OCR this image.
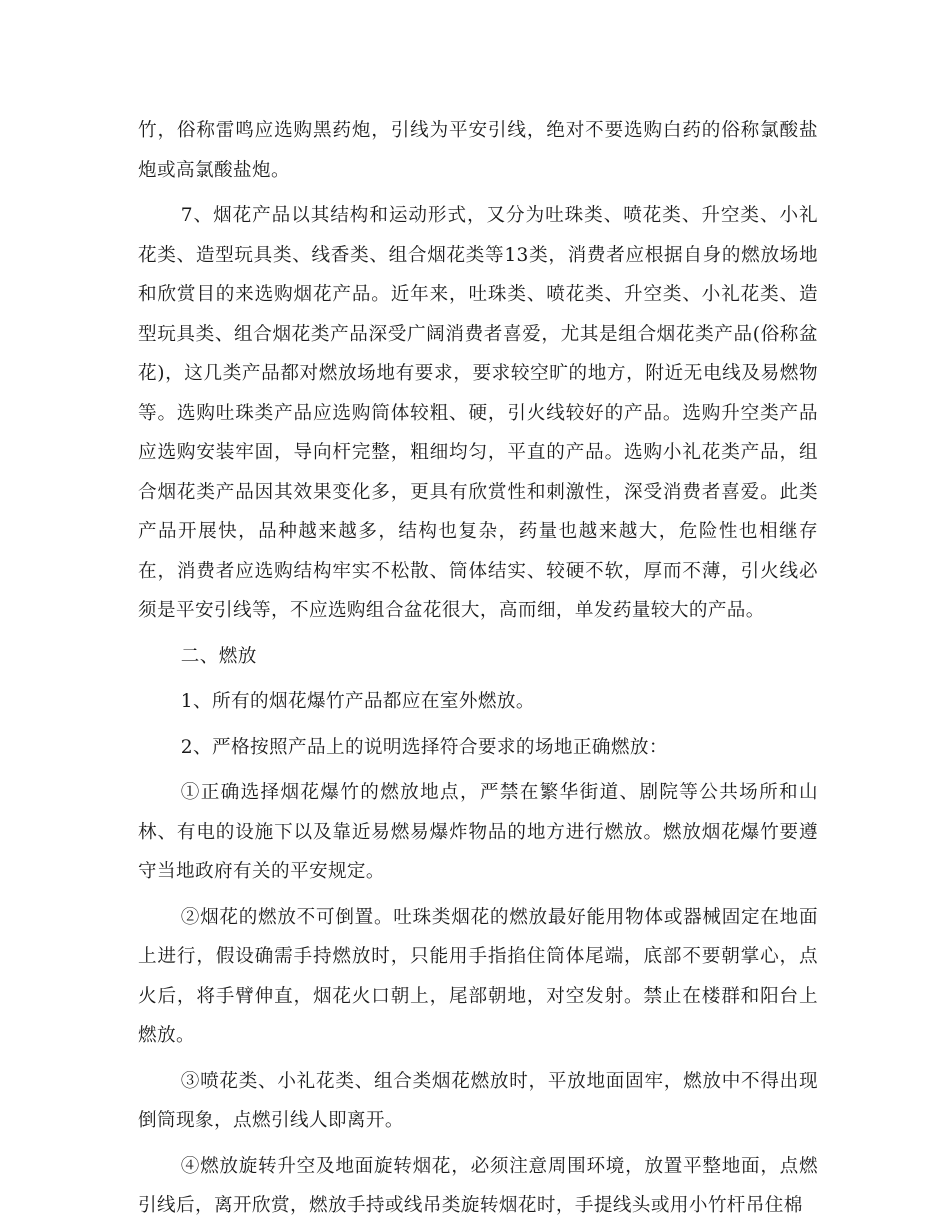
竹，俗称雷鸣应选购黑药炮，引线为平安引线，绝对不要选购白药的俗称氯酸盐炮或高氯酸盐炮。

7、烟花产品以其结构和运动形式，又分为吐珠类、喷花类、升空类、小礼花类、造型玩具类、线香类、组合烟花类等13类，消费者应根据自身的燃放场地和欣赏目的来选购烟花产品。近年来，吐珠类、喷花类、升空类、小礼花类、造型玩具类、组合烟花类产品深受广阔消费者喜爱，尤其是组合烟花类产品(俗称盆花)，这几类产品都对燃放场地有要求，要求较空旷的地方，附近无电线及易燃物等。选购吐珠类产品应选购筒体较粗、硬，引火线较好的产品。选购升空类产品应选购安装牢固，导向杆完整，粗细均匀，平直的产品。选购小礼花类产品，组合烟花类产品因其效果变化多，更具有欣赏性和刺激性，深受消费者喜爱。此类产品开展快，品种越来越多，结构也复杂，药量也越来越大，危险性也相继存在，消费者应选购结构牢实不松散、筒体结实、较硬不软，厚而不薄，引火线必须是平安引线等，不应选购组合盆花很大，高而细，单发药量较大的产品。

二、燃放

1、所有的烟花爆竹产品都应在室外燃放。

2、严格按照产品上的说明选择符合要求的场地正确燃放：

①正确选择烟花爆竹的燃放地点，严禁在繁华街道、剧院等公共场所和山林、有电的设施下以及靠近易燃易爆炸物品的地方进行燃放。燃放烟花爆竹要遵守当地政府有关的平安规定。

②烟花的燃放不可倒置。吐珠类烟花的燃放最好能用物体或器械固定在地面上进行，假设确需手持燃放时，只能用手指掐住筒体尾端，底部不要朝掌心，点火后，将手臂伸直，烟花火口朝上，尾部朝地，对空发射。禁止在楼群和阳台上燃放。

③喷花类、小礼花类、组合类烟花燃放时，平放地面固牢，燃放中不得出现倒筒现象，点燃引线人即离开。

④燃放旋转升空及地面旋转烟花，必须注意周围环境，放置平整地面，点燃引线后，离开欣赏，燃放手持或线吊类旋转烟花时，手提线头或用小竹杆吊住棉
